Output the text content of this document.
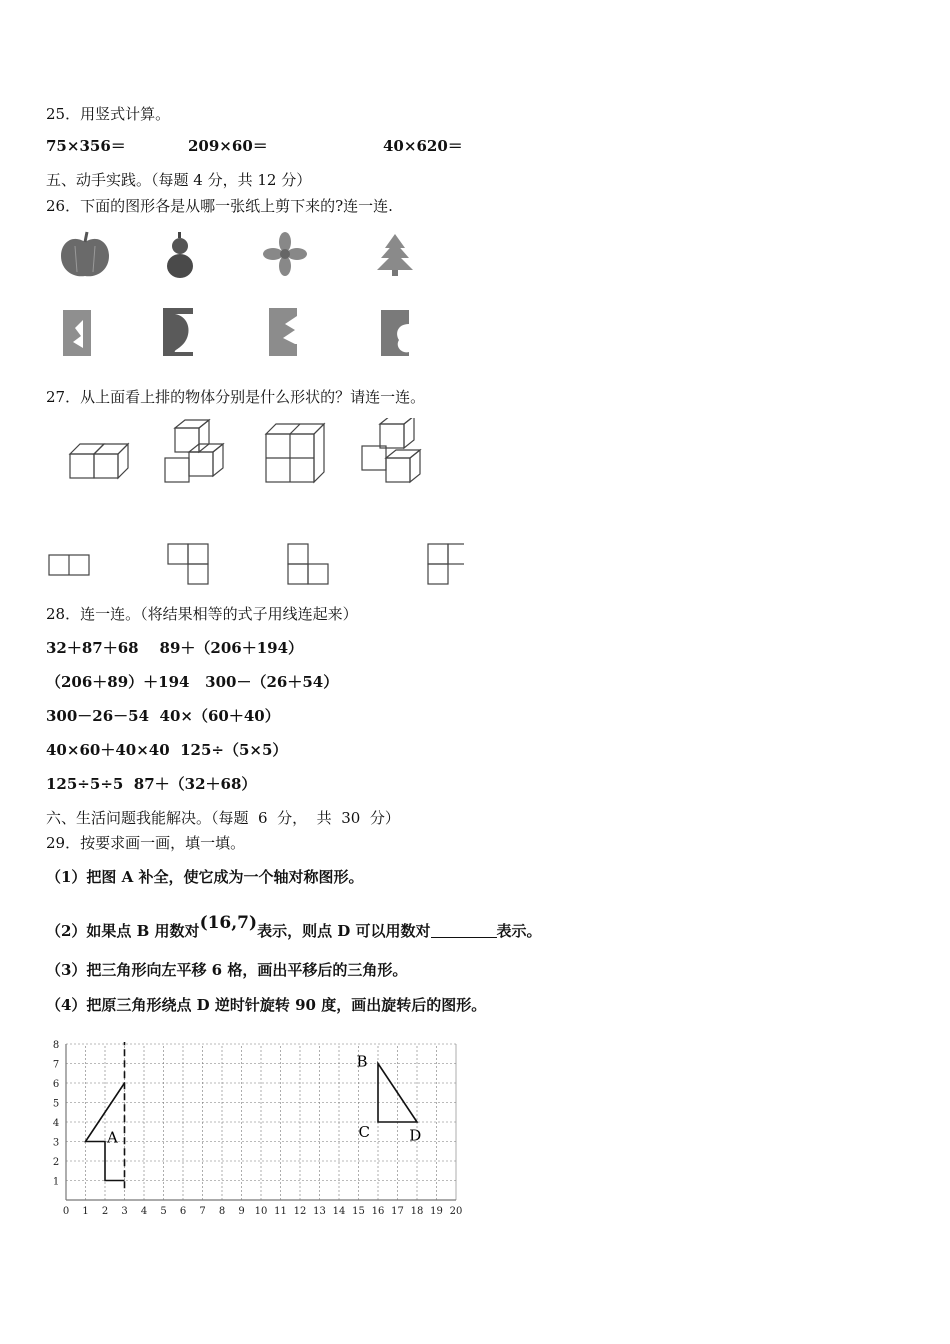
25．用竖式计算。
75×356＝	209×60＝	40×620＝
五、动手实践。（每题 4 分，共 12 分）
26．下面的图形各是从哪一张纸上剪下来的?连一连.
27．从上面看上排的物体分别是什么形状的？请连一连。
28．连一连。（将结果相等的式子用线连起来）
32＋87＋68    89＋（206＋194）
（206＋89）＋194   300－（26＋54）
300－26－54  40×（60＋40）
40×60＋40×40  125÷（5×5）
125÷5÷5  87＋（32＋68）
六、生活问题我能解决。（每题  6  分，  共  30  分）
29．按要求画一画，填一填。
（1）把图 A 补全，使它成为一个轴对称图形。
（2）如果点 B 用数对(16,7)表示，则点 D 可以用数对	表示。
（3）把三角形向左平移 6 格，画出平移后的三角形。
（4）把原三角形绕点 D 逆时针旋转 90 度，画出旋转后的图形。
0 1 2 3 4 5 6 7 8 9 10 11 12 13 14 15 16 17 18 19 20
1
2
3
4
5
6
7
8
A
B
C	D
